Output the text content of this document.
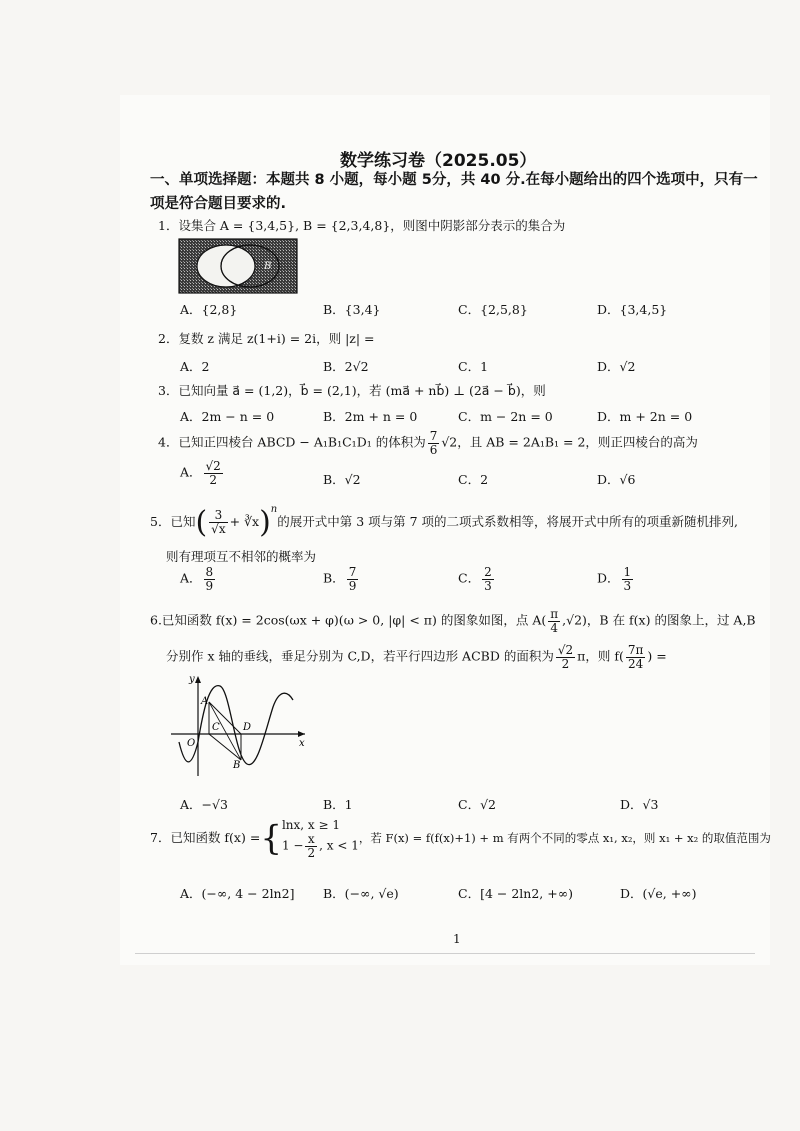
数学练习卷（2025.05）
一、单项选择题：本题共 8 小题，每小题 5分，共 40 分.在每小题给出的四个选项中，只有一
项是符合题目要求的.
1．设集合 A = {3,4,5}, B = {2,3,4,8}，则图中阴影部分表示的集合为
A	B
A．{2,8}	B．{3,4}	C．{2,5,8}	D．{3,4,5}
2．复数 z 满足 z(1+i) = 2i，则 |z| =
A．2	B．2√2	C．1	D．√2
3．已知向量 a⃗ = (1,2)，b⃗ = (2,1)，若 (ma⃗ + nb⃗) ⊥ (2a⃗ − b⃗)，则
A．2m − n = 0	B．2m + n = 0	C．m − 2n = 0	D．m + 2n = 0
4．已知正四棱台 ABCD − A₁B₁C₁D₁ 的体积为 $\frac{7}{6} √2$，且 AB = 2A₁B₁ = 2，则正四棱台的高为
A． $\frac{√2}{2}$	B．√2	C．2	D．√6
5．已知( $\frac{3}{√x}$ + ∛x)$^n$的展开式中第 3 项与第 7 项的二项式系数相等，将展开式中所有的项重新随机排列,
则有理项互不相邻的概率为
A． $\frac{8}{9}$	B． $\frac{7}{9}$	C． $\frac{2}{3}$	D． $\frac{1}{3}$
6.已知函数 f(x) = 2cos(ωx + φ)(ω > 0, |φ| < π) 的图象如图，点 $A( \frac{\pi}{4} ,√2)$，B 在 f(x) 的图象上，过 A,B
分别作 x 轴的垂线，垂足分别为 C,D，若平行四边形 ACBD 的面积为 $\frac{√2}{2}$ π，则 $f( \frac{7\pi}{24}$ ) =
y
x
O
A
C D
B
A．−√3	B．1	C．√2	D．√3
7．已知函数 f(x) ={ lnx, x ≥ 1
$1 - \frac{x}{2}$ , x < 1
，若 F(x) = f(f(x)+1) + m 有两个不同的零点 x₁, x₂，则 x₁ + x₂ 的取值范围为
A．(−∞, 4 − 2ln2] B．(−∞, √e)	C．[4 − 2ln2, +∞)	D．(√e, +∞)
1
